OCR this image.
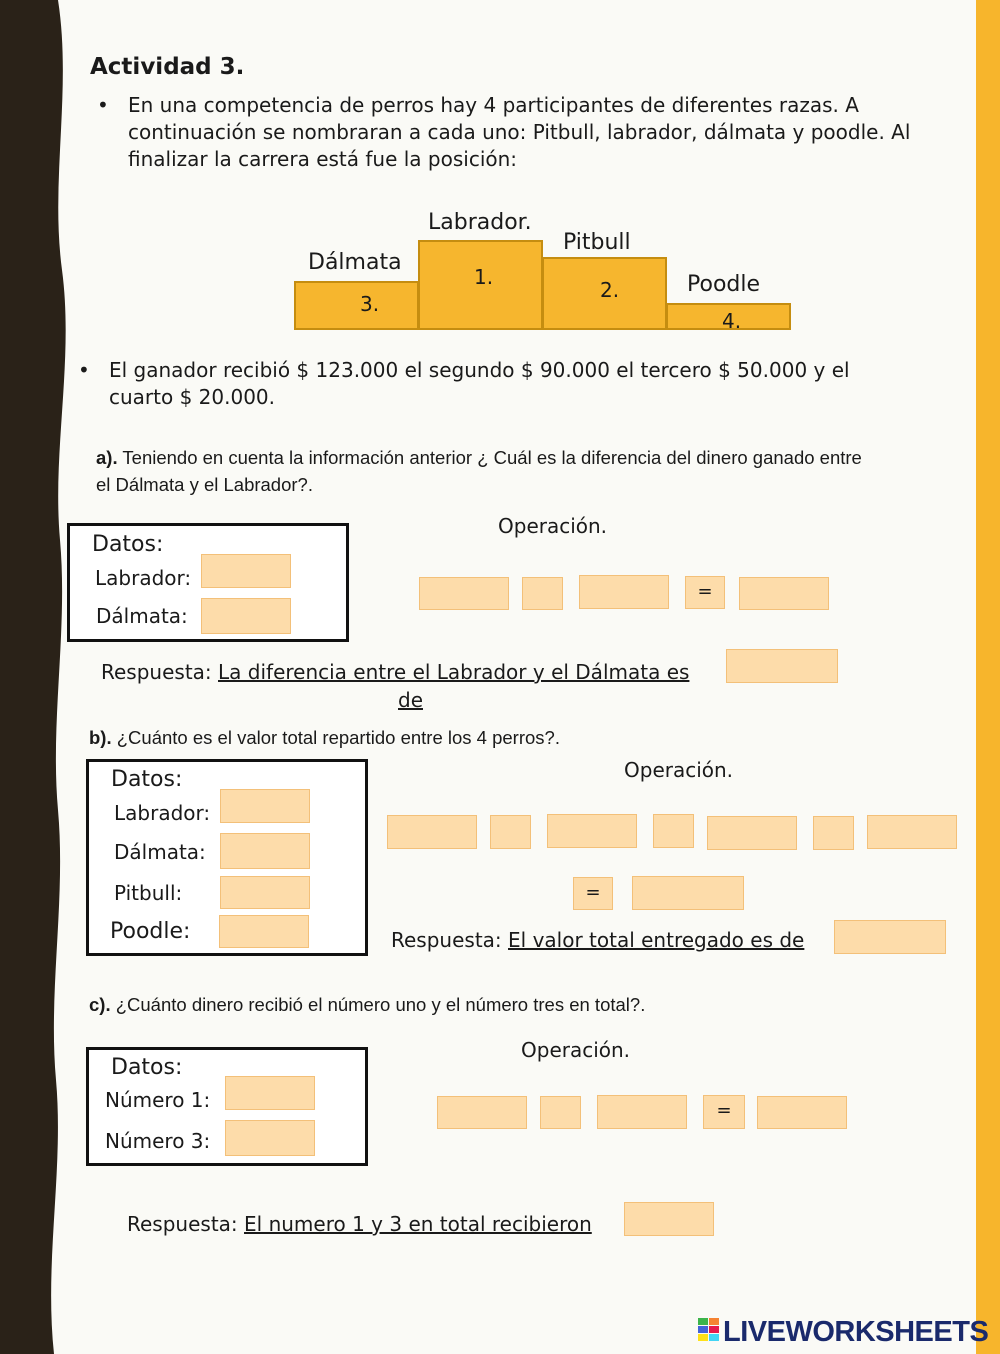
Actividad 3.
• En una competencia de perros hay 4 participantes de diferentes razas. A
continuación se nombraran a cada uno: Pitbull, labrador, dálmata y poodle. Al
finalizar la carrera está fue la posición:
Dálmata
Labrador.
Pitbull
Poodle
3.
1.
2.
4.
• El ganador recibió $ 123.000 el segundo $ 90.000 el tercero $ 50.000 y el
cuarto $ 20.000.
a). Teniendo en cuenta la información anterior ¿ Cuál es la diferencia del dinero ganado entre
el Dálmata y el Labrador?.
Datos:
Labrador:
Dálmata:
Operación.
=
Respuesta: La diferencia entre el Labrador y el Dálmata es
de
b). ¿Cuánto es el valor total repartido entre los 4 perros?.
Datos:
Labrador:
Dálmata:
Pitbull:
Poodle:
Operación.
=
Respuesta: El valor total entregado es de
c). ¿Cuánto dinero recibió el número uno y el número tres en total?.
Datos:
Número 1:
Número 3:
Operación.
=
Respuesta: El numero 1 y 3 en total recibieron
LIVEWORKSHEETS
